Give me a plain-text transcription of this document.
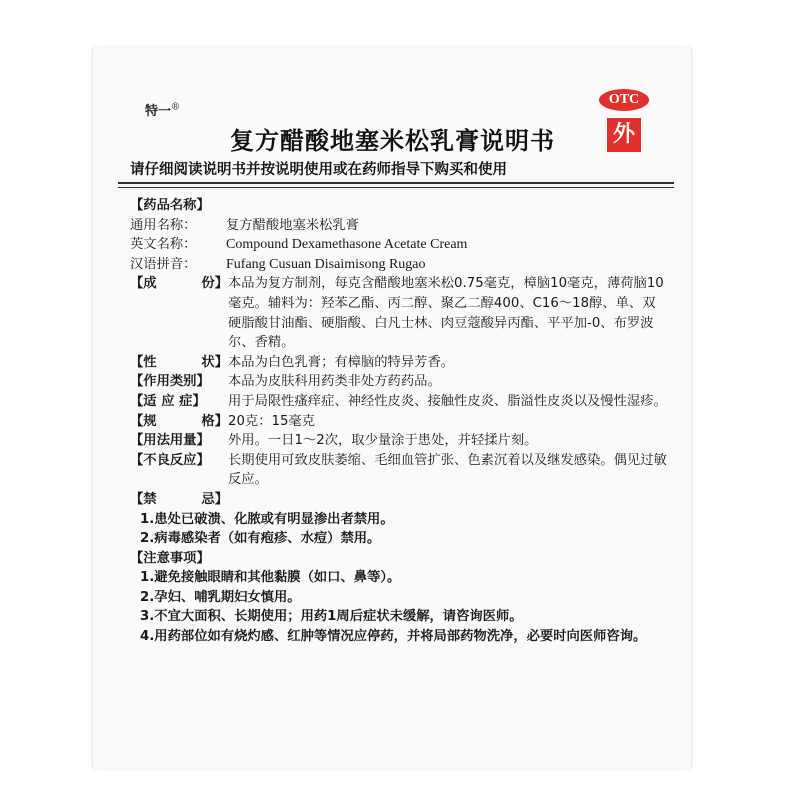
特一®
OTC
外
复方醋酸地塞米松乳膏说明书
请仔细阅读说明书并按说明使用或在药师指导下购买和使用
【药品名称】
通用名称：	复方醋酸地塞米松乳膏
英文名称：	Compound Dexamethasone Acetate Cream
汉语拼音：	Fufang Cusuan Disaimisong Rugao
【成	份】 本品为复方制剂，每克含醋酸地塞米松0.75毫克，樟脑10毫克，薄荷脑10毫克。辅料为：羟苯乙酯、丙二醇、聚乙二醇400、C16～18醇、单、双硬脂酸甘油酯、硬脂酸、白凡士林、肉豆蔻酸异丙酯、平平加-0、布罗波尔、香精。
【性	状】 本品为白色乳膏；有樟脑的特异芳香。
【作用类别】 本品为皮肤科用药类非处方药药品。
【适 应 症】 用于局限性瘙痒症、神经性皮炎、接触性皮炎、脂溢性皮炎以及慢性湿疹。
【规	格】 20克：15毫克
【用法用量】 外用。一日1～2次，取少量涂于患处，并轻揉片刻。
【不良反应】 长期使用可致皮肤萎缩、毛细血管扩张、色素沉着以及继发感染。偶见过敏反应。
【禁	忌】
1.患处已破溃、化脓或有明显渗出者禁用。
2.病毒感染者（如有疱疹、水痘）禁用。
【注意事项】
1.避免接触眼睛和其他黏膜（如口、鼻等）。
2.孕妇、哺乳期妇女慎用。
3.不宜大面积、长期使用；用药1周后症状未缓解，请咨询医师。
4.用药部位如有烧灼感、红肿等情况应停药，并将局部药物洗净，必要时向医师咨询。
